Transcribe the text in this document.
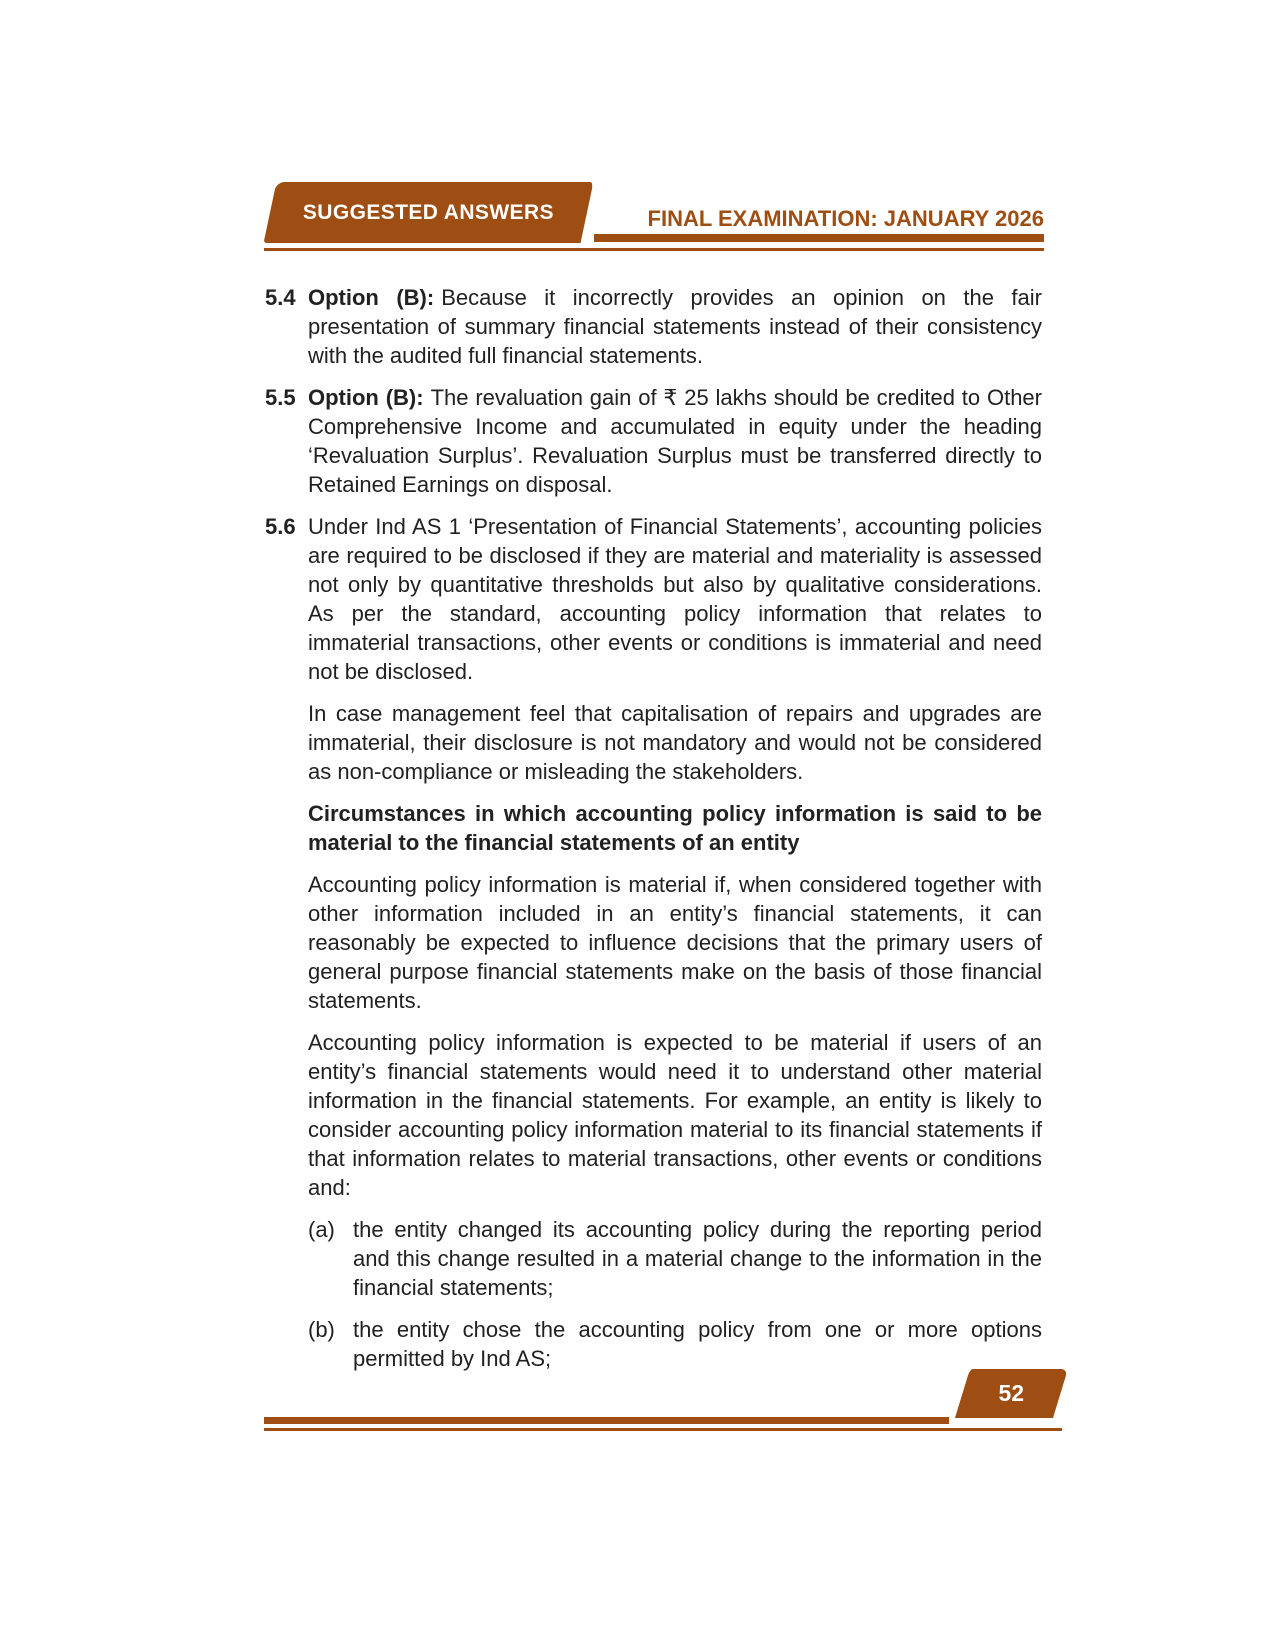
SUGGESTED ANSWERS	FINAL EXAMINATION: JANUARY 2026
5.4 Option (B): Because it incorrectly provides an opinion on the fair presentation of summary financial statements instead of their consistency with the audited full financial statements.
5.5 Option (B): The revaluation gain of ₹ 25 lakhs should be credited to Other Comprehensive Income and accumulated in equity under the heading ‘Revaluation Surplus’. Revaluation Surplus must be transferred directly to Retained Earnings on disposal.
5.6 Under Ind AS 1 ‘Presentation of Financial Statements’, accounting policies are required to be disclosed if they are material and materiality is assessed not only by quantitative thresholds but also by qualitative considerations. As per the standard, accounting policy information that relates to immaterial transactions, other events or conditions is immaterial and need not be disclosed.
In case management feel that capitalisation of repairs and upgrades are immaterial, their disclosure is not mandatory and would not be considered as non-compliance or misleading the stakeholders.
Circumstances in which accounting policy information is said to be material to the financial statements of an entity
Accounting policy information is material if, when considered together with other information included in an entity’s financial statements, it can reasonably be expected to influence decisions that the primary users of general purpose financial statements make on the basis of those financial statements.
Accounting policy information is expected to be material if users of an entity’s financial statements would need it to understand other material information in the financial statements. For example, an entity is likely to consider accounting policy information material to its financial statements if that information relates to material transactions, other events or conditions and:
(a) the entity changed its accounting policy during the reporting period and this change resulted in a material change to the information in the financial statements;
(b) the entity chose the accounting policy from one or more options permitted by Ind AS;
52
